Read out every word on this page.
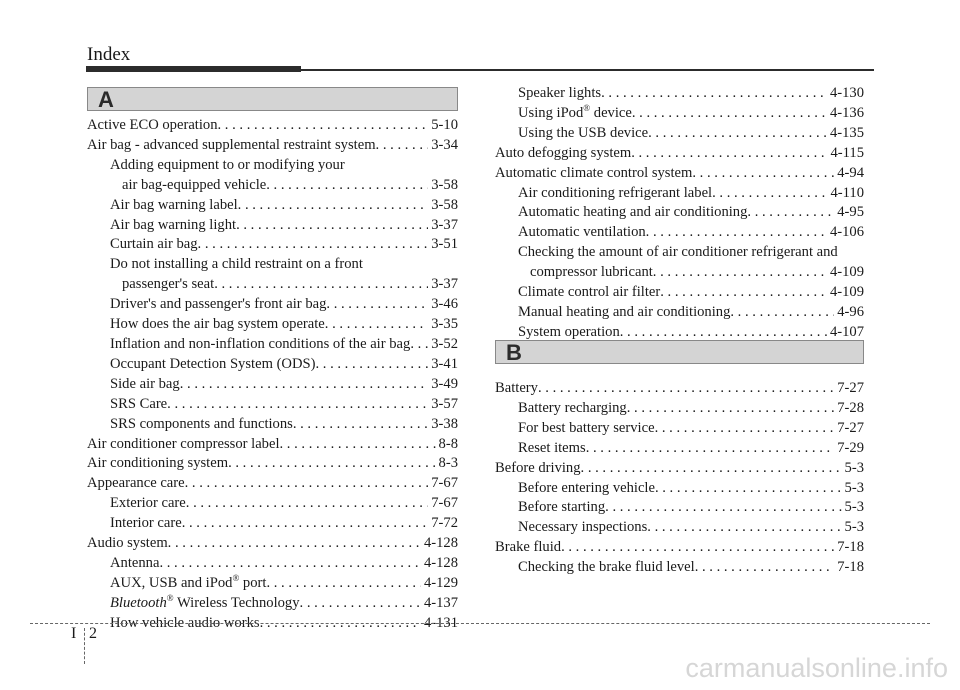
Index
A
Active ECO operation . . .	5-10
Air bag - advanced supplemental restraint system . . .	3-34
Adding equipment to or modifying your
air bag-equipped vehicle . . .	3-58
Air bag warning label . . .	3-58
Air bag warning light . . .	3-37
Curtain air bag . . .	3-51
Do not installing a child restraint on a front
passenger's seat . . .	3-37
Driver's and passenger's front air bag . . .	3-46
How does the air bag system operate . . .	3-35
Inflation and non-inflation conditions of the air bag . . . 3-52
Occupant Detection System (ODS) . . .	3-41
Side air bag . . .	3-49
SRS Care . . .	3-57
SRS components and functions . . .	3-38
Air conditioner compressor label . . .	8-8
Air conditioning system . . .	8-3
Appearance care . . .	7-67
Exterior care . . .	7-67
Interior care . . .	7-72
Audio system . . .	4-128
Antenna . . .	4-128
AUX, USB and iPod® port . . .	4-129
Bluetooth® Wireless Technology . . .	4-137
How vehicle audio works . . .	4-131
Speaker lights . . .	4-130
Using iPod® device . . .	4-136
Using the USB device . . .	4-135
Auto defogging system . . .	4-115
Automatic climate control system . . .	4-94
Air conditioning refrigerant label . . .	4-110
Automatic heating and air conditioning . . .	4-95
Automatic ventilation . . .	4-106
Checking the amount of air conditioner refrigerant and
compressor lubricant . . .	4-109
Climate control air filter . . .	4-109
Manual heating and air conditioning . . .	4-96
System operation . . .	4-107
B
Battery . . .	7-27
Battery recharging . . .	7-28
For best battery service . . .	7-27
Reset items . . .	7-29
Before driving . . .	5-3
Before entering vehicle . . .	5-3
Before starting . . .	5-3
Necessary inspections . . .	5-3
Brake fluid . . .	7-18
Checking the brake fluid level . . .	7-18
I 2
carmanualsonline.info
